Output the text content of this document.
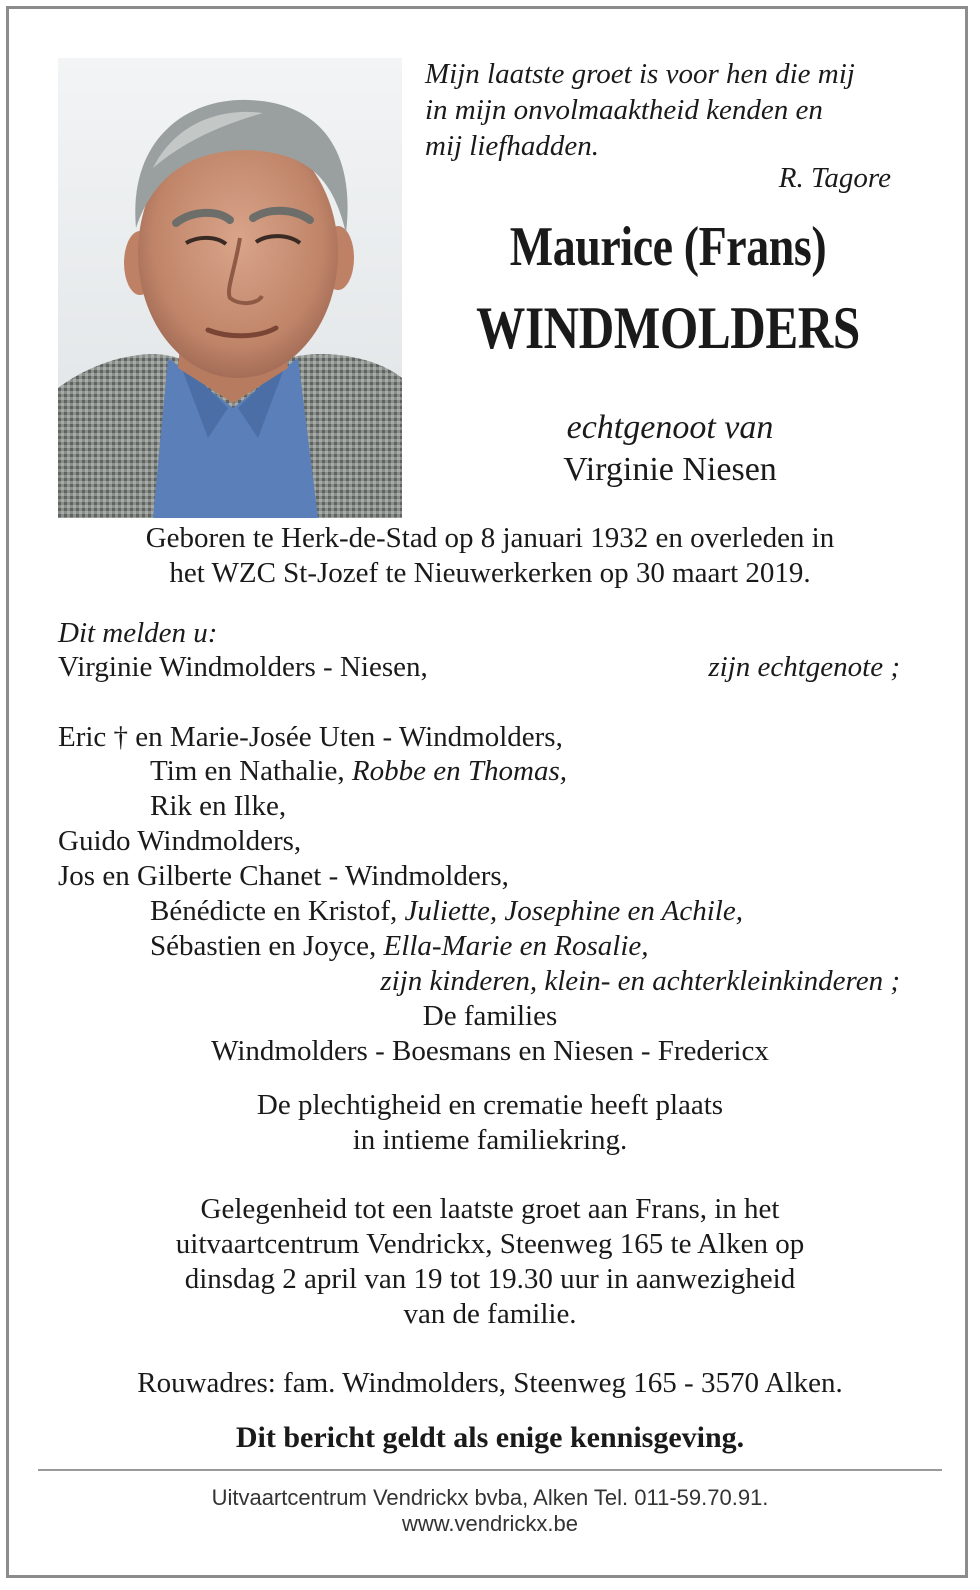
Mijn laatste groet is voor hen die mij
in mijn onvolmaaktheid kenden en
mij liefhadden.
R. Tagore
Maurice (Frans)
WINDMOLDERS
echtgenoot van
Virginie Niesen
Geboren te Herk-de-Stad op 8 januari 1932 en overleden in
het WZC St-Jozef te Nieuwerkerken op 30 maart 2019.
Dit melden u:
Virginie Windmolders - Niesen,	zijn echtgenote ;
Eric † en Marie-Josée Uten - Windmolders,
Tim en Nathalie, Robbe en Thomas,
Rik en Ilke,
Guido Windmolders,
Jos en Gilberte Chanet - Windmolders,
Bénédicte en Kristof, Juliette, Josephine en Achile,
Sébastien en Joyce, Ella-Marie en Rosalie,
zijn kinderen, klein- en achterkleinkinderen ;
De families
Windmolders - Boesmans en Niesen - Fredericx
De plechtigheid en crematie heeft plaats
in intieme familiekring.
Gelegenheid tot een laatste groet aan Frans, in het
uitvaartcentrum Vendrickx, Steenweg 165 te Alken op
dinsdag 2 april van 19 tot 19.30 uur in aanwezigheid
van de familie.
Rouwadres: fam. Windmolders, Steenweg 165 - 3570 Alken.
Dit bericht geldt als enige kennisgeving.
Uitvaartcentrum Vendrickx bvba, Alken Tel. 011-59.70.91.
www.vendrickx.be
